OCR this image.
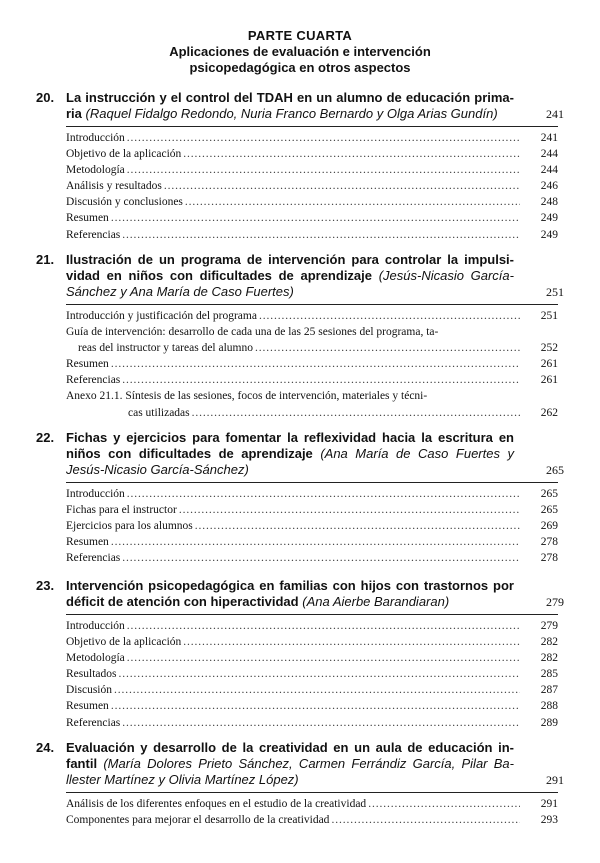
PARTE CUARTA
Aplicaciones de evaluación e intervención
psicopedagógica en otros aspectos
20. La instrucción y el control del TDAH en un alumno de educación prima-ria (Raquel Fidalgo Redondo, Nuria Franco Bernardo y Olga Arias Gundín)	241
Introducción . . .	241
Objetivo de la aplicación . . .	244
Metodología . . .	244
Análisis y resultados . . .	246
Discusión y conclusiones . . .	248
Resumen . . .	249
Referencias . . .	249
21. Ilustración de un programa de intervención para controlar la impulsi-vidad en niños con dificultades de aprendizaje (Jesús-Nicasio García-Sánchez y Ana María de Caso Fuertes)	251
Introducción y justificación del programa . . .	251
Guía de intervención: desarrollo de cada una de las 25 sesiones del programa, ta-
reas del instructor y tareas del alumno . . .	252
Resumen . . .	261
Referencias . . .	261
Anexo 21.1. Síntesis de las sesiones, focos de intervención, materiales y técni-
cas utilizadas . . .	262
22. Fichas y ejercicios para fomentar la reflexividad hacia la escritura en niños con dificultades de aprendizaje (Ana María de Caso Fuertes y Jesús-Nicasio García-Sánchez)	265
Introducción . . .	265
Fichas para el instructor . . .	265
Ejercicios para los alumnos . . .	269
Resumen . . .	278
Referencias . . .	278
23. Intervención psicopedagógica en familias con hijos con trastornos por déficit de atención con hiperactividad (Ana Aierbe Barandiaran)	279
Introducción . . .	279
Objetivo de la aplicación . . .	282
Metodología . . .	282
Resultados . . .	285
Discusión . . .	287
Resumen . . .	288
Referencias . . .	289
24. Evaluación y desarrollo de la creatividad en un aula de educación in-fantil (María Dolores Prieto Sánchez, Carmen Ferrándiz García, Pilar Ba-llester Martínez y Olivia Martínez López)	291
Análisis de los diferentes enfoques en el estudio de la creatividad . . .	291
Componentes para mejorar el desarrollo de la creatividad . . .	293
